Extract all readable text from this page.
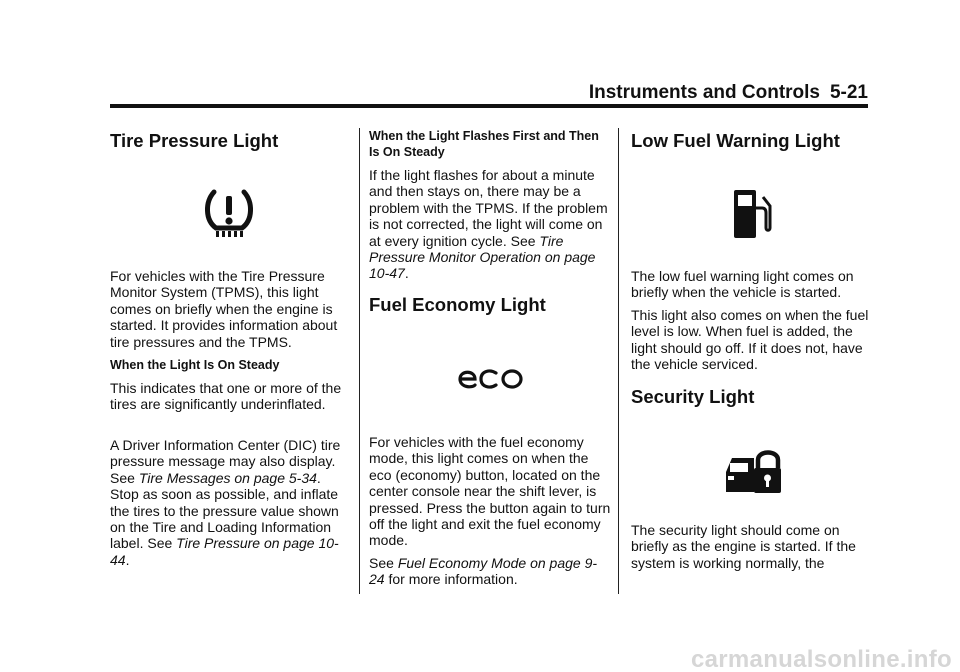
Instruments and Controls 5-21
Tire Pressure Light
For vehicles with the Tire Pressure Monitor System (TPMS), this light comes on briefly when the engine is started. It provides information about tire pressures and the TPMS.
When the Light Is On Steady
This indicates that one or more of the tires are significantly underinflated.
A Driver Information Center (DIC) tire pressure message may also display. See Tire Messages on page 5-34. Stop as soon as possible, and inflate the tires to the pressure value shown on the Tire and Loading Information label. See Tire Pressure on page 10-44.
When the Light Flashes First and Then Is On Steady
If the light flashes for about a minute and then stays on, there may be a problem with the TPMS. If the problem is not corrected, the light will come on at every ignition cycle. See Tire Pressure Monitor Operation on page 10-47.
Fuel Economy Light
For vehicles with the fuel economy mode, this light comes on when the eco (economy) button, located on the center console near the shift lever, is pressed. Press the button again to turn off the light and exit the fuel economy mode.
See Fuel Economy Mode on page 9-24 for more information.
Low Fuel Warning Light
The low fuel warning light comes on briefly when the vehicle is started.
This light also comes on when the fuel level is low. When fuel is added, the light should go off. If it does not, have the vehicle serviced.
Security Light
The security light should come on briefly as the engine is started. If the system is working normally, the
carmanualsonline.info
